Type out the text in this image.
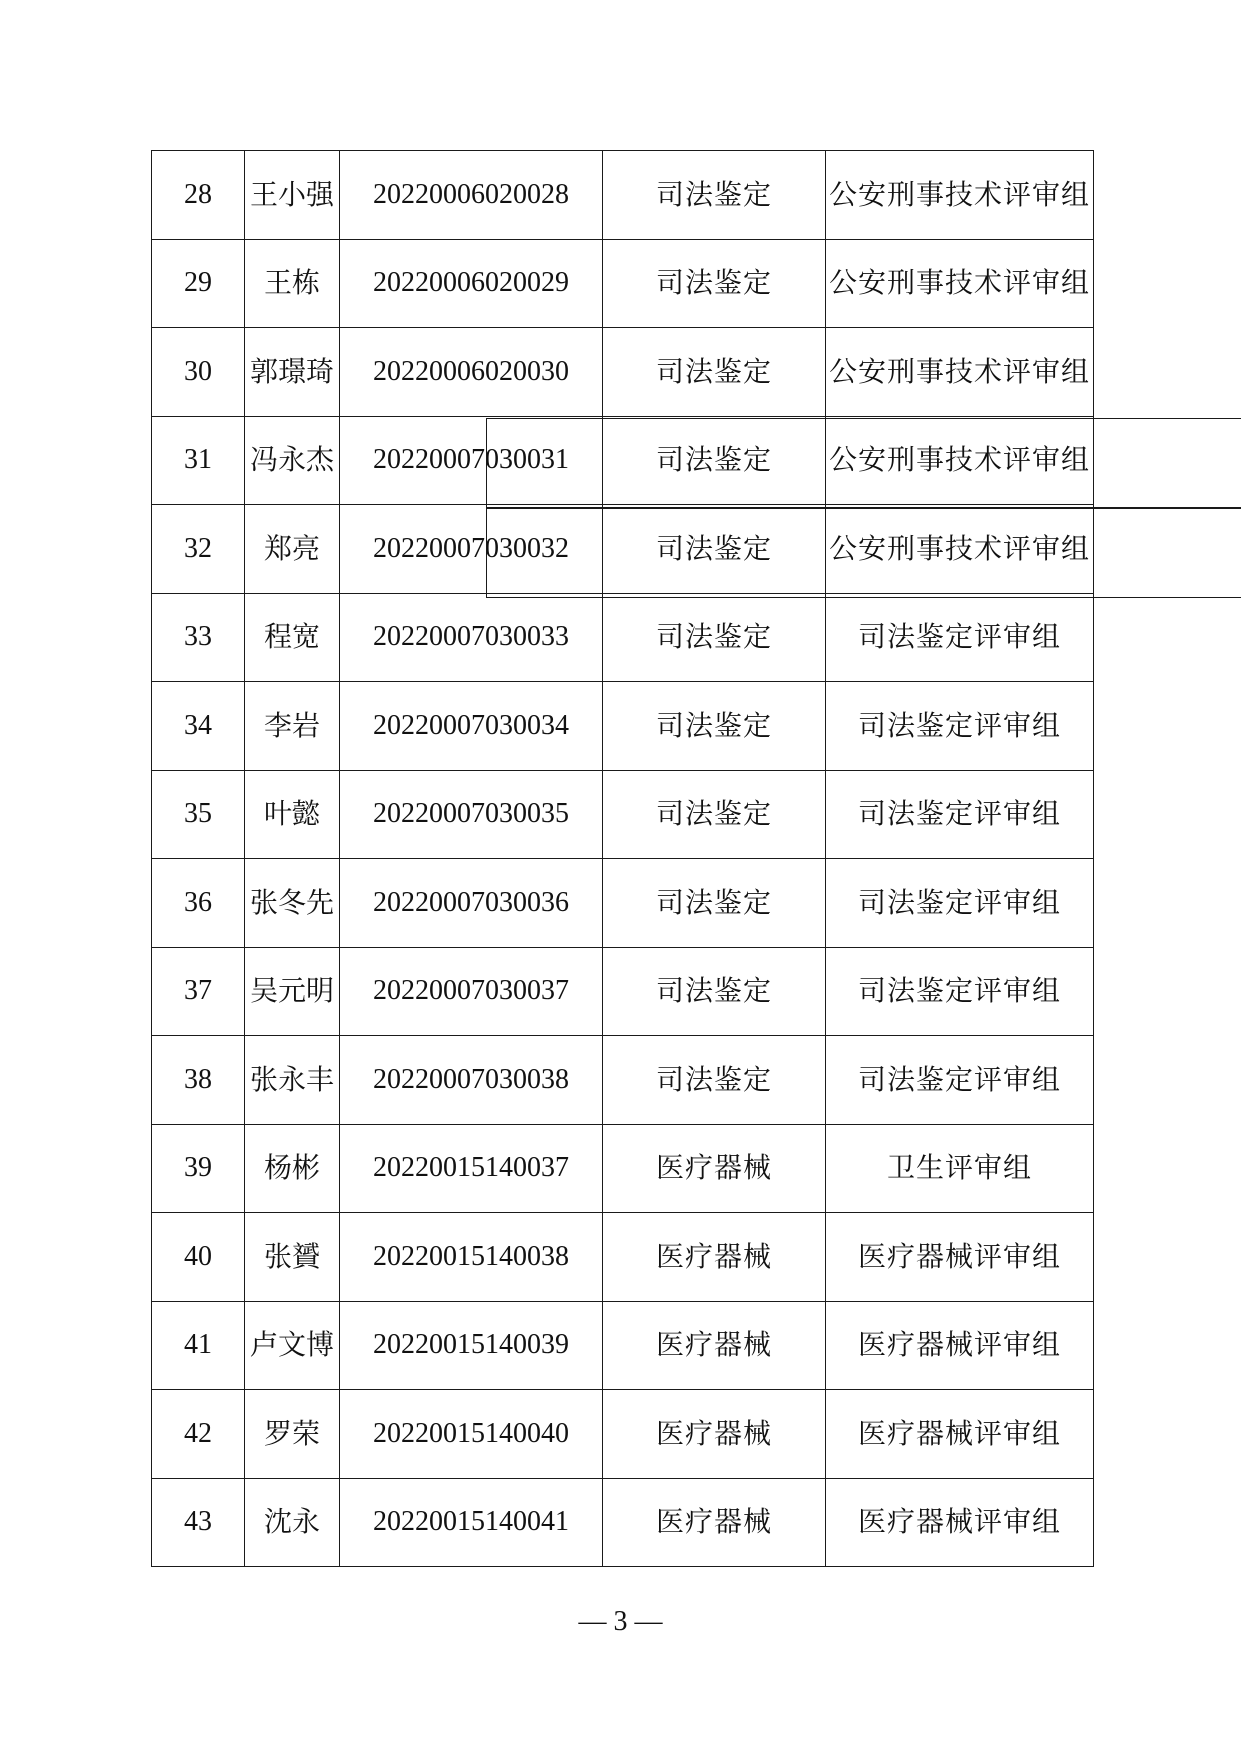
28	王小强	20220006020028	司法鉴定	公安刑事技术评审组
29	王栋	20220006020029	司法鉴定	公安刑事技术评审组
30	郭璟琦	20220006020030	司法鉴定	公安刑事技术评审组
31	冯永杰	20220007030031	司法鉴定	公安刑事技术评审组
32	郑亮	20220007030032	司法鉴定	公安刑事技术评审组
33	程宽	20220007030033	司法鉴定	司法鉴定评审组
34	李岩	20220007030034	司法鉴定	司法鉴定评审组
35	叶懿	20220007030035	司法鉴定	司法鉴定评审组
36	张冬先	20220007030036	司法鉴定	司法鉴定评审组
37	吴元明	20220007030037	司法鉴定	司法鉴定评审组
38	张永丰	20220007030038	司法鉴定	司法鉴定评审组
39	杨彬	20220015140037	医疗器械	卫生评审组
40	张贇	20220015140038	医疗器械	医疗器械评审组
41	卢文博	20220015140039	医疗器械	医疗器械评审组
42	罗荣	20220015140040	医疗器械	医疗器械评审组
43	沈永	20220015140041	医疗器械	医疗器械评审组
— 3 —
